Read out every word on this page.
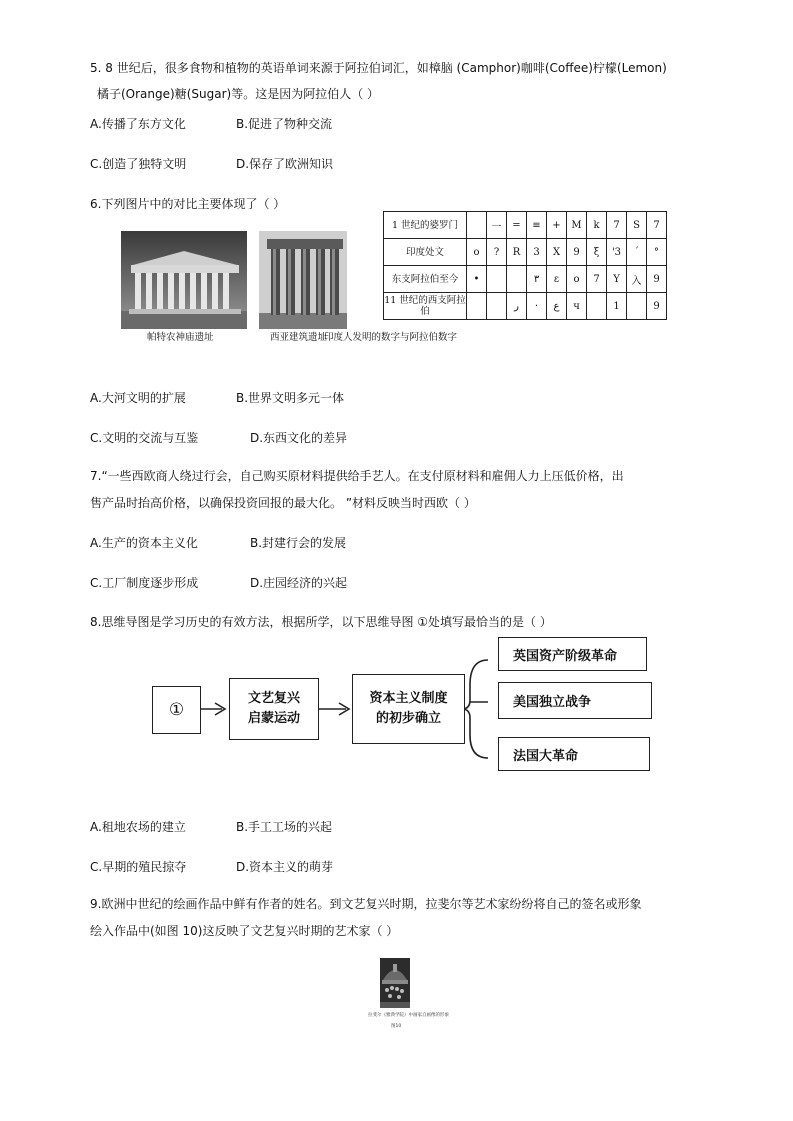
5. 8 世纪后，很多食物和植物的英语单词来源于阿拉伯词汇，如樟脑 (Camphor)咖啡(Coffee)柠檬(Lemon)
橘子(Orange)糖(Sugar)等。这是因为阿拉伯人（ ）
A.传播了东方文化	B.促进了物种交流
C.创造了独特文明	D.保存了欧洲知识
6.下列图片中的对比主要体现了（ ）
帕特农神庙遗址	西亚建筑遗址
印度人发明的数字与阿拉伯数字
1 世纪的婆罗门		一	=	≡	+	M	k	7	S	7
印度处文	ο	?	R	3	X	9	ξ	'3	´	°
东支阿拉伯至今	•			٣	ε	ο	7	Y	入	9
11 世纪的西支阿拉伯			ر	·	ع	ч		1		9
A.大河文明的扩展	B.世界文明多元一体
C.文明的交流与互鉴	D.东西文化的差异
7.“一些西欧商人绕过行会，自己购买原材料提供给手艺人。在支付原材料和雇佣人力上压低价格，出
售产品时抬高价格，以确保投资回报的最大化。 ”材料反映当时西欧（ ）
A.生产的资本主义化	B.封建行会的发展
C.工厂制度逐步形成	D.庄园经济的兴起
8.思维导图是学习历史的有效方法，根据所学，以下思维导图 ①处填写最恰当的是（ ）
①
文艺复兴
启蒙运动
资本主义制度
的初步确立
英国资产阶级革命
美国独立战争
法国大革命
A.租地农场的建立	B.手工工场的兴起
C.早期的殖民掠夺	D.资本主义的萌芽
9.欧洲中世纪的绘画作品中鲜有作者的姓名。到文艺复兴时期，拉斐尔等艺术家纷纷将自己的签名或形象
绘入作品中(如图 10)这反映了文艺复兴时期的艺术家（ ）
拉斐尔《雅典学院》中画家自画像的形象
图10
